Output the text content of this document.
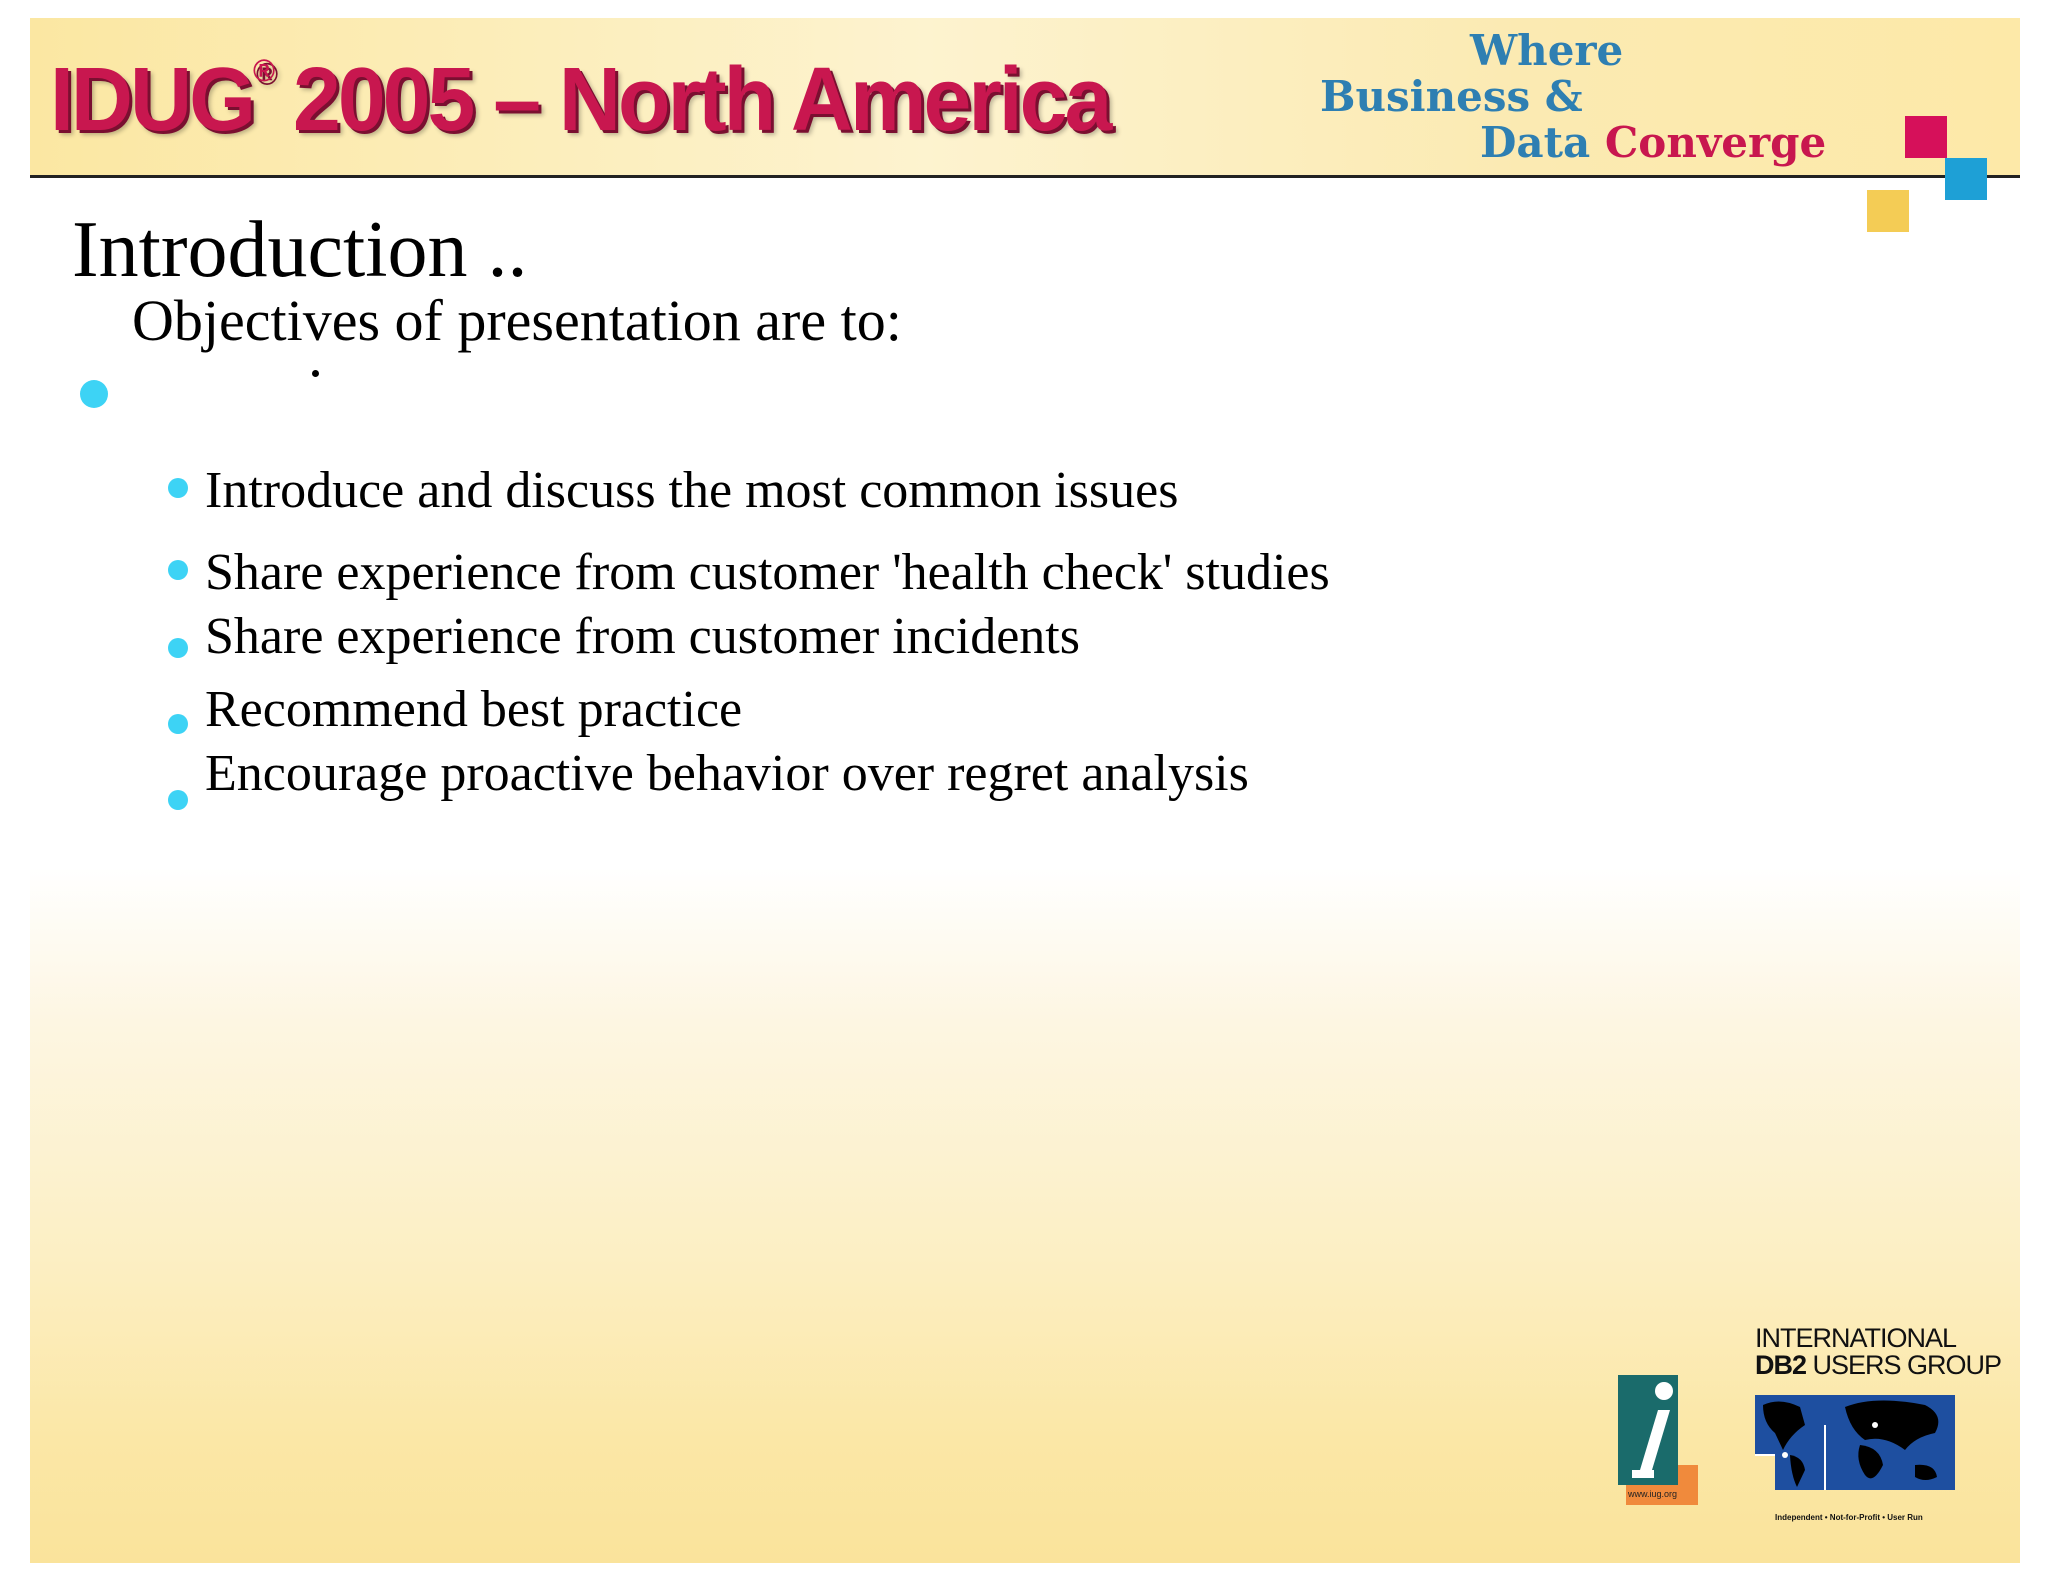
IDUG® 2005 – North America	Where
Business &
Data Converge
Introduction ..
Objectives of presentation are to:
Introduce and discuss the most common issues
Share experience from customer 'health check' studies
Share experience from customer incidents
Recommend best practice
Encourage proactive behavior over regret analysis
www.iug.org
INTERNATIONAL
DB2 USERS GROUP
Independent • Not-for-Profit • User Run
